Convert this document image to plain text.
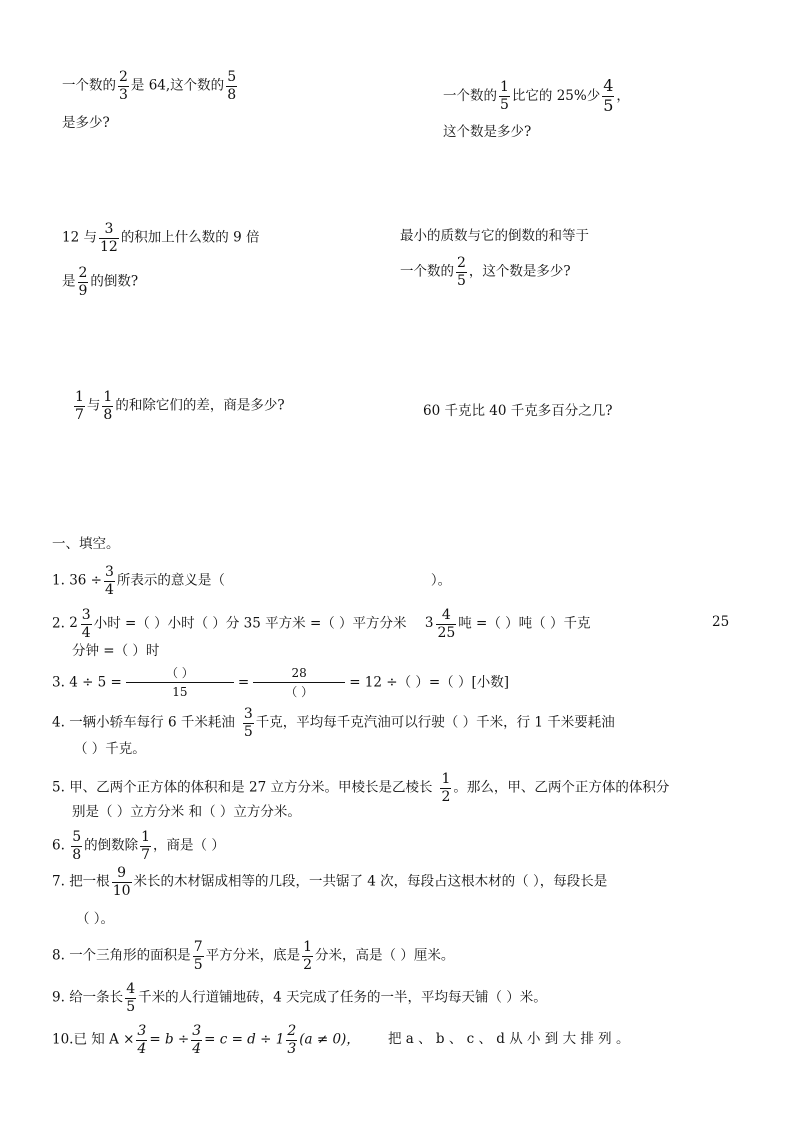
一个数的 $\frac{2}{3}$ 是 64,这个数的 $\frac{5}{8}$
是多少?
一个数的 $\frac{1}{5}$ 比它的 25%少 $\frac{4}{5}$ ，
这个数是多少?
12 与 $\frac{3}{12}$ 的积加上什么数的 9 倍
是 $\frac{2}{9}$ 的倒数?
最小的质数与它的倒数的和等于
一个数的 $\frac{2}{5}$ ，这个数是多少?
$\frac{1}{7}$ 与 $\frac{1}{8}$ 的和除它们的差，商是多少?	60 千克比 40 千克多百分之几?
一、填空。
1. $36 \div \frac{3}{4}$ 所表示的意义是（	）。
2. $2 \frac{3}{4}$ 小时 =（ ）小时（ ）分 35 平方米 =（ ）平方分米 $3 \frac{4}{25}$ 吨 =（ ）吨（ ）千克	25
分钟 =（ ）时
3. 4 ÷ 5 =
（ ）
15
=
28
（ ）
= 12 ÷（ ）=（ ）[小数]
4. 一辆小轿车每行 6 千米耗油 $\frac{3}{5}$ 千克，平均每千克汽油可以行驶（ ）千米，行 1 千米要耗油
（ ）千克。
5. 甲、乙两个正方体的体积和是 27 立方分米。甲棱长是乙棱长 $\frac{1}{2}$ 。那么，甲、乙两个正方体的体积分
别是（ ）立方分米 和（ ）立方分米。
6. $\frac{5}{8}$ 的倒数除 $\frac{1}{7}$ ，商是（ ）
7. 把一根 $\frac{9}{10}$ 米长的木材锯成相等的几段，一共锯了 4 次，每段占这根木材的（ ），每段长是
（ ）。
8. 一个三角形的面积是 $\frac{7}{5}$ 平方分米，底是 $\frac{1}{2}$ 分米，高是（ ）厘米。
9. 给一条长 $\frac{4}{5}$ 千米的人行道铺地砖，4 天完成了任务的一半，平均每天铺（ ）米。
10.已 知 $A \times \frac{3}{4} = b \div \frac{3}{4} = c = d \div 1 \frac{2}{3} (a \ne 0)$， 把 a 、 b 、 c 、 d 从 小 到 大 排 列 。
